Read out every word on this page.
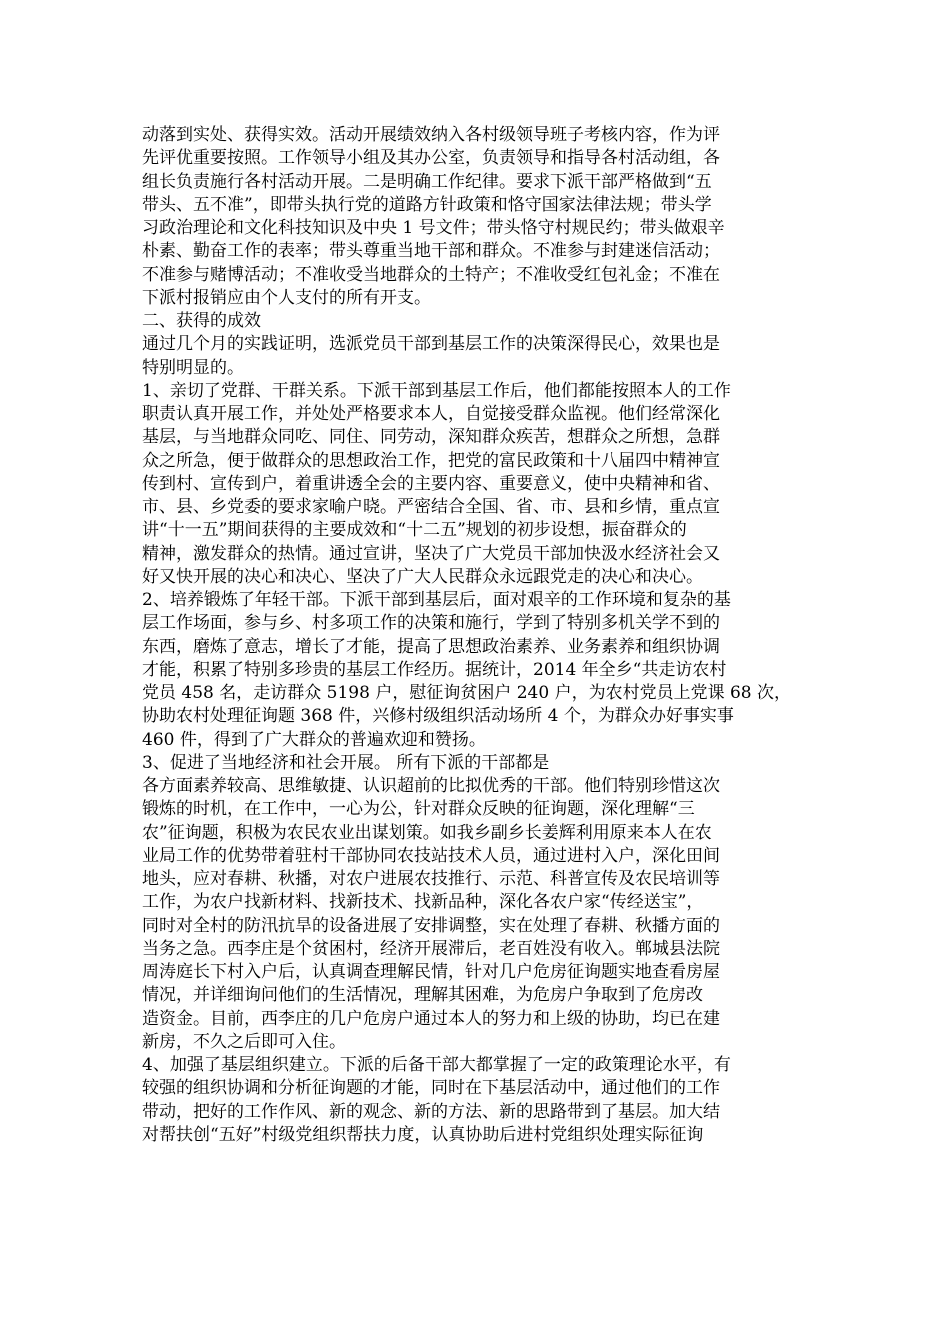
动落到实处、获得实效。活动开展绩效纳入各村级领导班子考核内容，作为评
先评优重要按照。工作领导小组及其办公室，负责领导和指导各村活动组，各
组长负责施行各村活动开展。二是明确工作纪律。要求下派干部严格做到“五
带头、五不准”，即带头执行党的道路方针政策和恪守国家法律法规；带头学
习政治理论和文化科技知识及中央 1 号文件；带头恪守村规民约；带头做艰辛
朴素、勤奋工作的表率；带头尊重当地干部和群众。不准参与封建迷信活动；
不准参与赌博活动；不准收受当地群众的土特产；不准收受红包礼金；不准在
下派村报销应由个人支付的所有开支。
二、获得的成效
通过几个月的实践证明，选派党员干部到基层工作的决策深得民心，效果也是
特别明显的。
1、亲切了党群、干群关系。下派干部到基层工作后，他们都能按照本人的工作
职责认真开展工作，并处处严格要求本人，自觉接受群众监视。他们经常深化
基层，与当地群众同吃、同住、同劳动，深知群众疾苦，想群众之所想，急群
众之所急，便于做群众的思想政治工作，把党的富民政策和十八届四中精神宣
传到村、宣传到户，着重讲透全会的主要内容、重要意义，使中央精神和省、
市、县、乡党委的要求家喻户晓。严密结合全国、省、市、县和乡情，重点宣
讲“十一五”期间获得的主要成效和“十二五”规划的初步设想，振奋群众的
精神，激发群众的热情。通过宣讲，坚决了广大党员干部加快汲水经济社会又
好又快开展的决心和决心、坚决了广大人民群众永远跟党走的决心和决心。
2、培养锻炼了年轻干部。下派干部到基层后，面对艰辛的工作环境和复杂的基
层工作场面，参与乡、村多项工作的决策和施行，学到了特别多机关学不到的
东西，磨炼了意志，增长了才能，提高了思想政治素养、业务素养和组织协调
才能，积累了特别多珍贵的基层工作经历。据统计，2014 年全乡“共走访农村
党员 458 名，走访群众 5198 户，慰征询贫困户 240 户，为农村党员上党课 68 次，
协助农村处理征询题 368 件，兴修村级组织活动场所 4 个，为群众办好事实事
460 件，得到了广大群众的普遍欢迎和赞扬。
3、促进了当地经济和社会开展。 所有下派的干部都是
各方面素养较高、思维敏捷、认识超前的比拟优秀的干部。他们特别珍惜这次
锻炼的时机，在工作中，一心为公，针对群众反映的征询题，深化理解“三
农”征询题，积极为农民农业出谋划策。如我乡副乡长姜辉利用原来本人在农
业局工作的优势带着驻村干部协同农技站技术人员，通过进村入户，深化田间
地头，应对春耕、秋播，对农户进展农技推行、示范、科普宣传及农民培训等
工作，为农户找新材料、找新技术、找新品种，深化各农户家“传经送宝”，
同时对全村的防汛抗旱的设备进展了安排调整，实在处理了春耕、秋播方面的
当务之急。西李庄是个贫困村，经济开展滞后，老百姓没有收入。郸城县法院
周涛庭长下村入户后，认真调查理解民情，针对几户危房征询题实地查看房屋
情况，并详细询问他们的生活情况，理解其困难，为危房户争取到了危房改
造资金。目前，西李庄的几户危房户通过本人的努力和上级的协助，均已在建
新房，不久之后即可入住。
4、加强了基层组织建立。下派的后备干部大都掌握了一定的政策理论水平，有
较强的组织协调和分析征询题的才能，同时在下基层活动中，通过他们的工作
带动，把好的工作作风、新的观念、新的方法、新的思路带到了基层。加大结
对帮扶创“五好”村级党组织帮扶力度，认真协助后进村党组织处理实际征询
